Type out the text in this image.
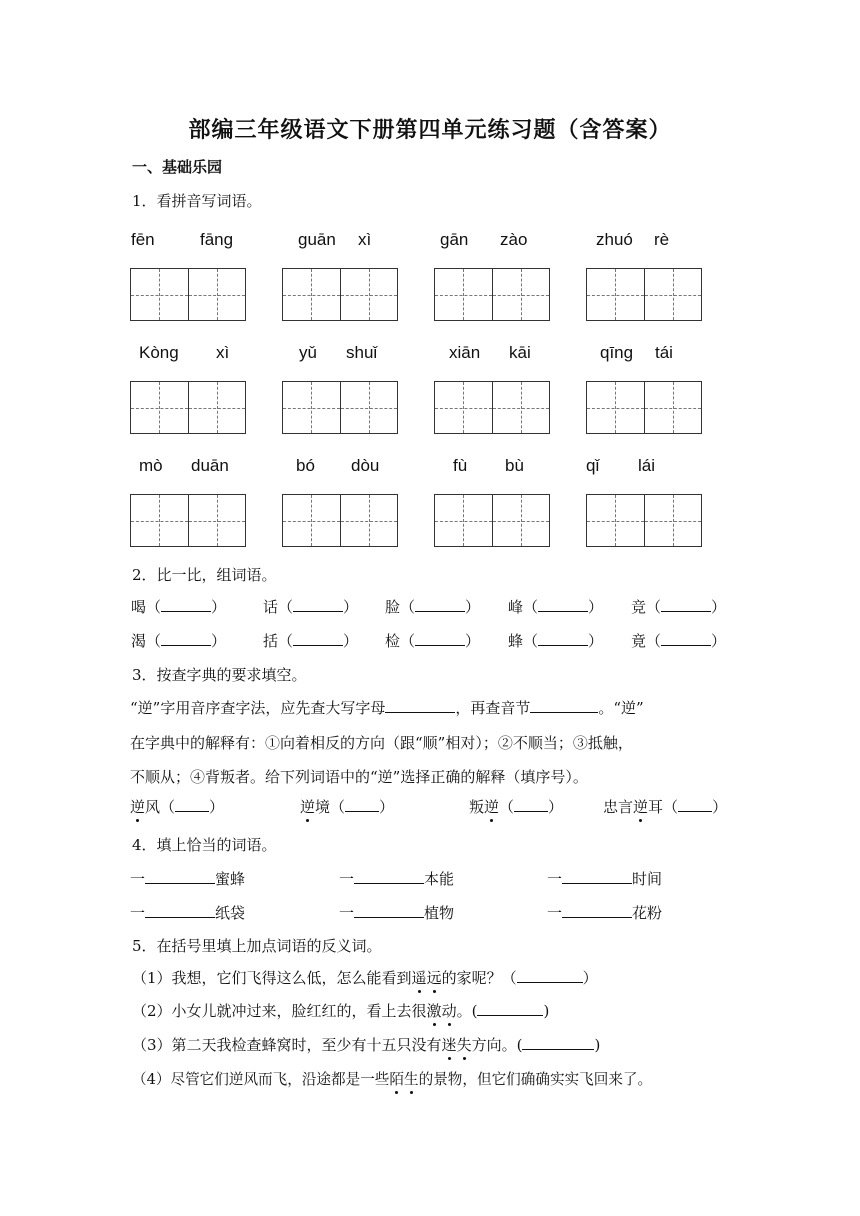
部编三年级语文下册第四单元练习题（含答案）
一、基础乐园
1．看拼音写词语。
fēn	fāng	guān xì	gān zào	zhuó rè
Kòng xì	yǔ shuǐ	xiān kāi	qīng tái
mò duān	bó dòu	fù bù	qǐ lái
2．比一比，组词语。
喝（	） 话（	） 脸（	） 峰（	） 竞（	）
渴（	） 括（	） 检（	） 蜂（	） 竟（	）
3．按查字典的要求填空。
“逆”字用音序查字法，应先查大写字母	，再查音节	。“逆”
在字典中的解释有：①向着相反的方向（跟“顺”相对）；②不顺当；③抵触，
不顺从；④背叛者。给下列词语中的“逆”选择正确的解释（填序号）。
逆风（ ）	逆境（ ）	叛逆（ ）	忠言逆耳（ ）
4．填上恰当的词语。
一	蜜蜂	一	本能	一	时间
一	纸袋	一	植物	一	花粉
5．在括号里填上加点词语的反义词。
（1）我想，它们飞得这么低，怎么能看到遥远的家呢？（	）
（2）小女儿就冲过来，脸红红的，看上去很激动。(	)
（3）第二天我检查蜂窝时，至少有十五只没有迷失方向。(	)
（4）尽管它们逆风而飞，沿途都是一些陌生的景物，但它们确确实实飞回来了。
